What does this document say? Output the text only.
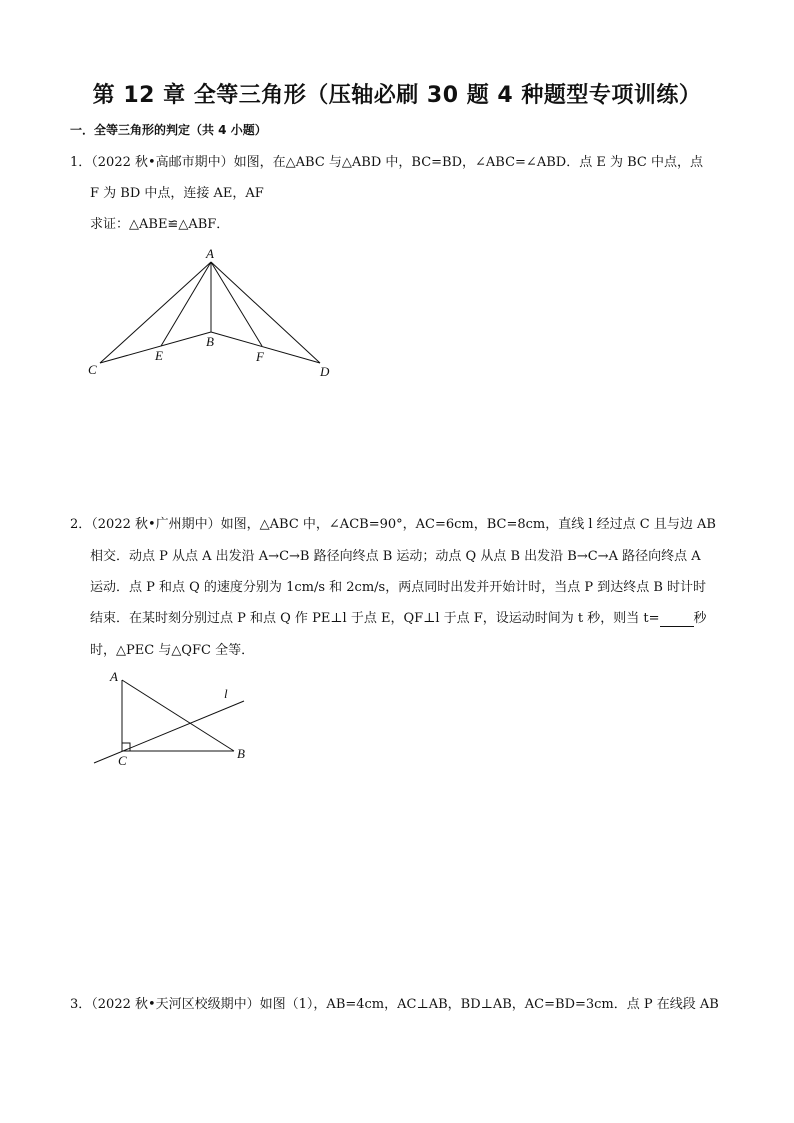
第 12 章 全等三角形（压轴必刷 30 题 4 种题型专项训练）
一．全等三角形的判定（共 4 小题）
1．（2022 秋•高邮市期中）如图，在△ABC 与△ABD 中，BC=BD，∠ABC=∠ABD．点 E 为 BC 中点，点
F 为 BD 中点，连接 AE，AF
求证：△ABE≌△ABF．
A
B
C	D
E	F
2．（2022 秋•广州期中）如图，△ABC 中，∠ACB=90°，AC=6cm，BC=8cm，直线 l 经过点 C 且与边 AB
相交．动点 P 从点 A 出发沿 A→C→B 路径向终点 B 运动；动点 Q 从点 B 出发沿 B→C→A 路径向终点 A
运动．点 P 和点 Q 的速度分别为 1cm/s 和 2cm/s，两点同时出发并开始计时，当点 P 到达终点 B 时计时
结束．在某时刻分别过点 P 和点 Q 作 PE⊥l 于点 E，QF⊥l 于点 F，设运动时间为 t 秒，则当 t=	秒
时，△PEC 与△QFC 全等．
A
B
C
l
3．（2022 秋•天河区校级期中）如图（1），AB=4cm，AC⊥AB，BD⊥AB，AC=BD=3cm．点 P 在线段 AB
